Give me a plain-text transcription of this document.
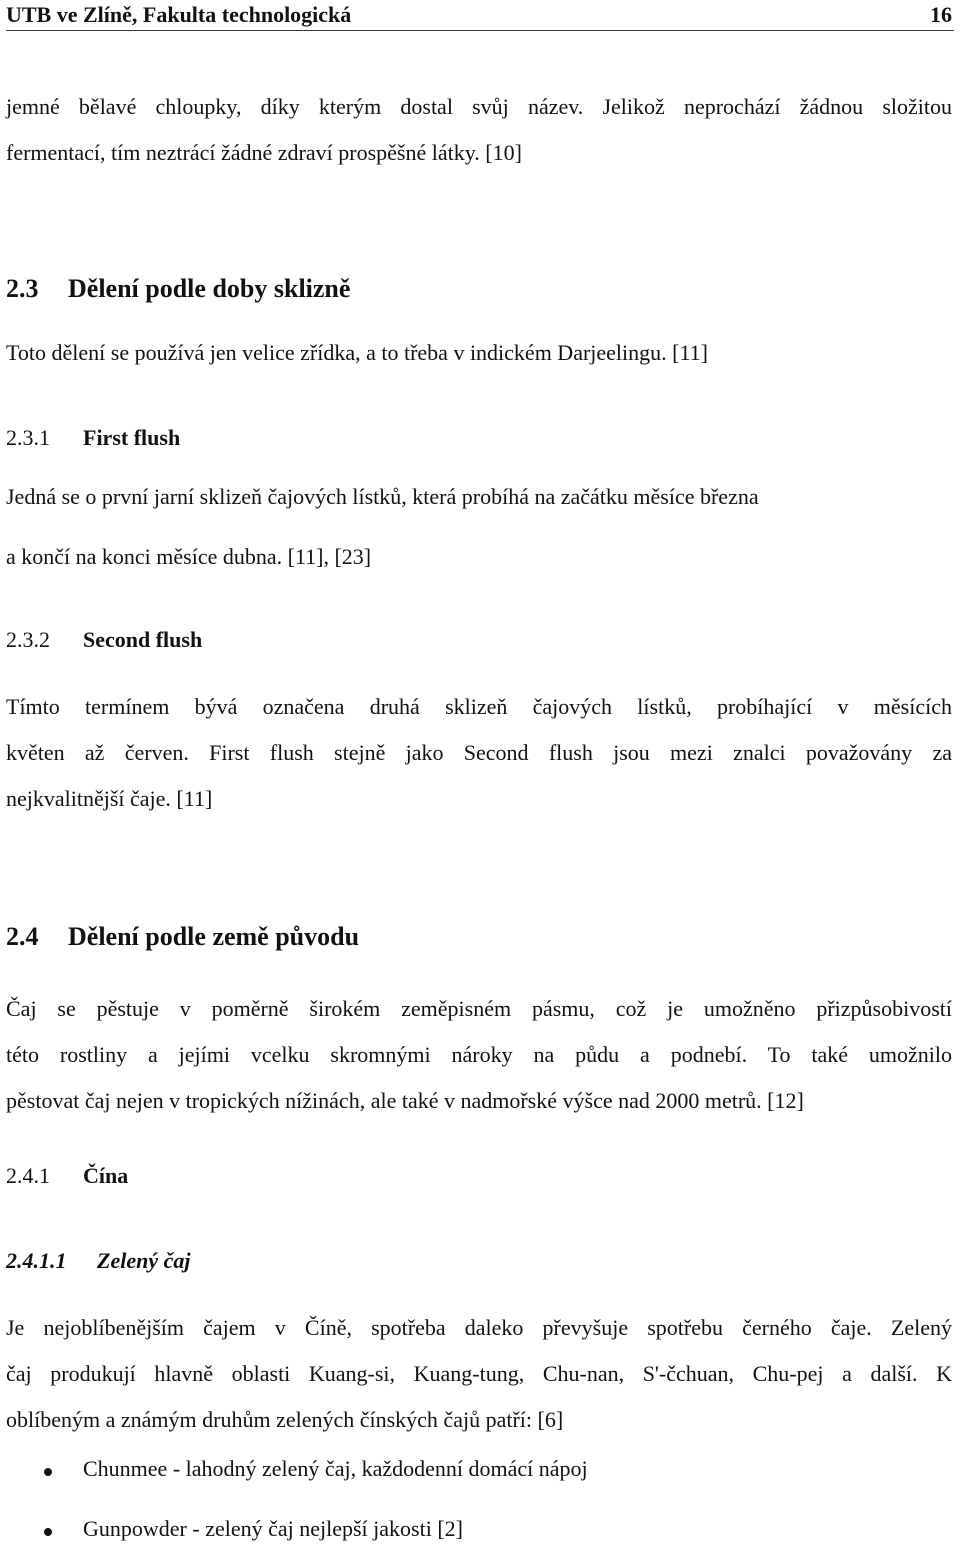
UTB ve Zlíně, Fakulta technologická	16

jemné bělavé chloupky, díky kterým dostal svůj název. Jelikož neprochází žádnou složitou
fermentací, tím neztrácí žádné zdraví prospěšné látky. [10]

2.3 Dělení podle doby sklizně

Toto dělení se používá jen velice zřídka, a to třeba v indickém Darjeelingu. [11]

2.3.1 First flush

Jedná se o první jarní sklizeň čajových lístků, která probíhá na začátku měsíce března
a končí na konci měsíce dubna. [11], [23]

2.3.2 Second flush

Tímto termínem bývá označena druhá sklizeň čajových lístků, probíhající v měsících
květen až červen. First flush stejně jako Second flush jsou mezi znalci považovány za
nejkvalitnější čaje. [11]

2.4 Dělení podle země původu

Čaj se pěstuje v poměrně širokém zeměpisném pásmu, což je umožněno přizpůsobivostí
této rostliny a jejími vcelku skromnými nároky na půdu a podnebí. To také umožnilo
pěstovat čaj nejen v tropických nížinách, ale také v nadmořské výšce nad 2000 metrů. [12]

2.4.1 Čína
2.4.1.1 Zelený čaj

Je nejoblíbenějším čajem v Číně, spotřeba daleko převyšuje spotřebu černého čaje. Zelený
čaj produkují hlavně oblasti Kuang-si, Kuang-tung, Chu-nan, S'-čchuan, Chu-pej a další. K
oblíbeným a známým druhům zelených čínských čajů patří: [6]

Chunmee - lahodný zelený čaj, každodenní domácí nápoj
Gunpowder - zelený čaj nejlepší jakosti [2]
